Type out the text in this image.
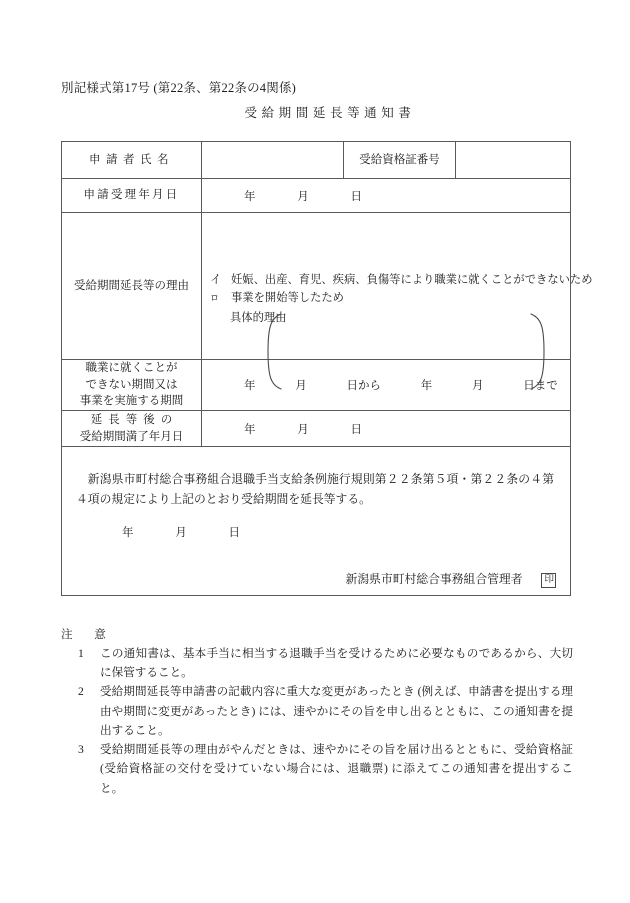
別記様式第17号 (第22条、第22条の4関係)
受給期間延長等通知書
申請者氏名		受給資格証番号	
申請受理年月日	年 月 日		

受給期間延長等の理由	イ 妊娠、出産、育児、疾病、負傷等により職業に就くことができないため
ロ 事業を開始等したため
具体的理由		

職業に就くことが
できない期間又は
事業を実施する期間	年 月 日から 年 月 日まで		

延長等後の
受給期間満了年月日	年 月 日		

新潟県市町村総合事務組合退職手当支給条例施行規則第２２条第５項・第２２条の４第４項の規定により上記のとおり受給期間を延長等する。
年 月 日
新潟県市町村総合事務組合管理者 印			
注　意
1	この通知書は、基本手当に相当する退職手当を受けるために必要なものであるから、大切に保管すること。
2	受給期間延長等申請書の記載内容に重大な変更があったとき (例えば、申請書を提出する理由や期間に変更があったとき) には、速やかにその旨を申し出るとともに、この通知書を提出すること。
3	受給期間延長等の理由がやんだときは、速やかにその旨を届け出るとともに、受給資格証 (受給資格証の交付を受けていない場合には、退職票) に添えてこの通知書を提出すること。
